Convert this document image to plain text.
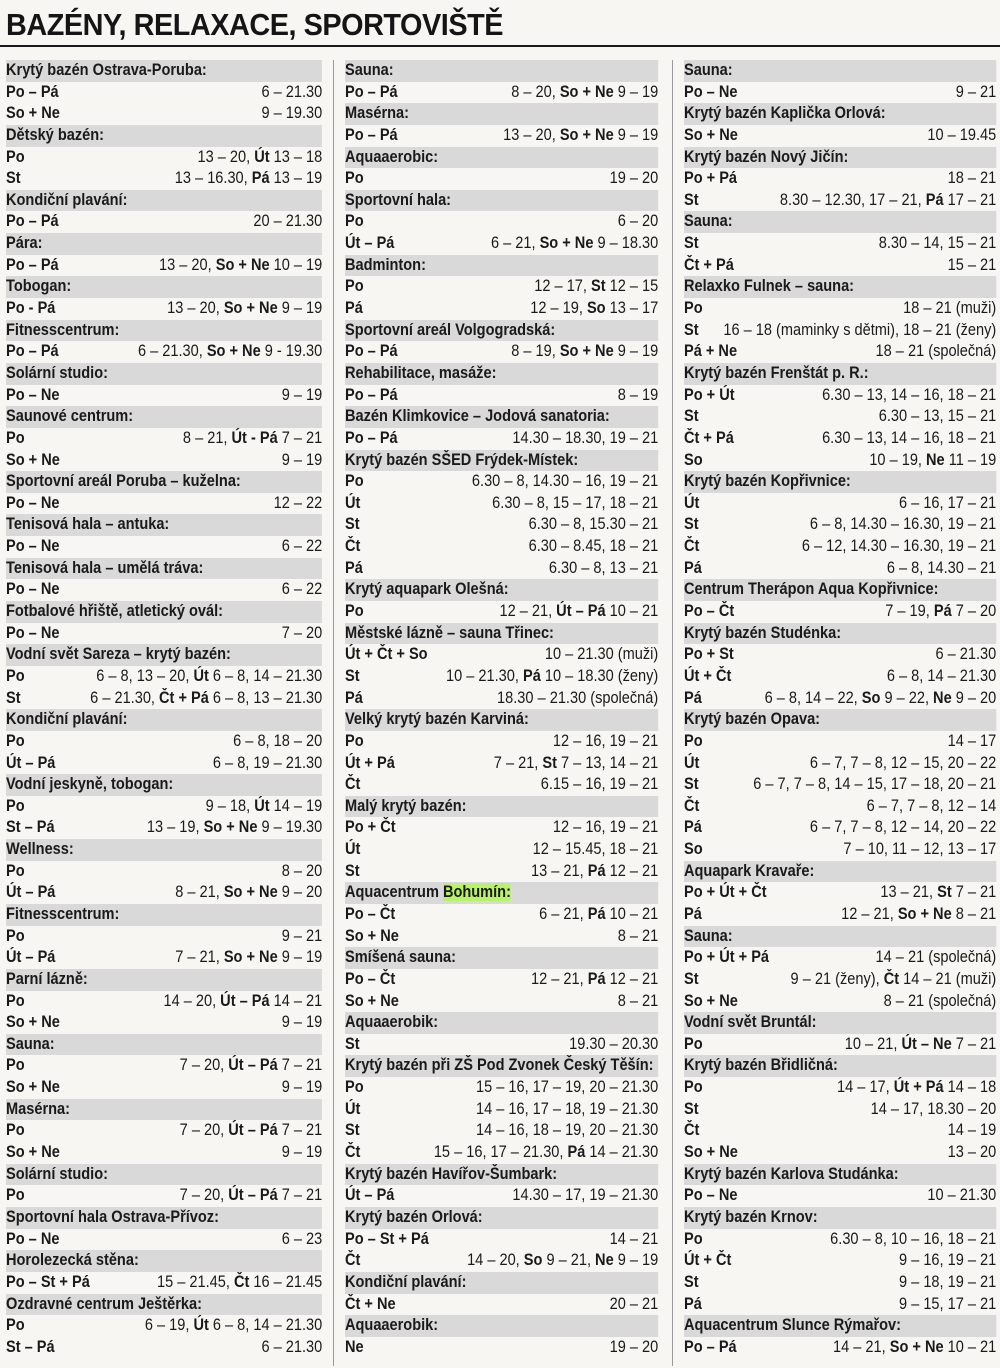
BAZÉNY, RELAXACE, SPORTOVIŠTĚ
Krytý bazén Ostrava-Poruba:
Po – Pá	6 – 21.30
So + Ne	9 – 19.30
Dětský bazén:
Po	13 – 20, Út 13 – 18
St	13 – 16.30, Pá 13 – 19
Kondiční plavání:
Po – Pá	20 – 21.30
Pára:
Po – Pá	13 – 20, So + Ne 10 – 19
Tobogan:
Po - Pá	13 – 20, So + Ne 9 – 19
Fitnesscentrum:
Po – Pá	6 – 21.30, So + Ne 9 - 19.30
Solární studio:
Po – Ne	9 – 19
Saunové centrum:
Po	8 – 21, Út - Pá 7 – 21
So + Ne	9 – 19
Sportovní areál Poruba – kuželna:
Po – Ne	12 – 22
Tenisová hala – antuka:
Po – Ne	6 – 22
Tenisová hala – umělá tráva:
Po – Ne	6 – 22
Fotbalové hřiště, atletický ovál:
Po – Ne	7 – 20
Vodní svět Sareza – krytý bazén:
Po	6 – 8, 13 – 20, Út 6 – 8, 14 – 21.30
St	6 – 21.30, Čt + Pá 6 – 8, 13 – 21.30
Kondiční plavání:
Po	6 – 8, 18 – 20
Út – Pá	6 – 8, 19 – 21.30
Vodní jeskyně, tobogan:
Po	9 – 18, Út 14 – 19
St – Pá	13 – 19, So + Ne 9 – 19.30
Wellness:
Po	8 – 20
Út – Pá	8 – 21, So + Ne 9 – 20
Fitnesscentrum:
Po	9 – 21
Út – Pá	7 – 21, So + Ne 9 – 19
Parní lázně:
Po	14 – 20, Út – Pá 14 – 21
So + Ne	9 – 19
Sauna:
Po	7 – 20, Út – Pá 7 – 21
So + Ne	9 – 19
Masérna:
Po	7 – 20, Út – Pá 7 – 21
So + Ne	9 – 19
Solární studio:
Po	7 – 20, Út – Pá 7 – 21
Sportovní hala Ostrava-Přívoz:
Po – Ne	6 – 23
Horolezecká stěna:
Po – St + Pá	15 – 21.45, Čt 16 – 21.45
Ozdravné centrum Ještěrka:
Po	6 – 19, Út 6 – 8, 14 – 21.30
St – Pá	6 – 21.30
Sauna:
Po – Pá	8 – 20, So + Ne 9 – 19
Masérna:
Po – Pá	13 – 20, So + Ne 9 – 19
Aquaaerobic:
Po	19 – 20
Sportovní hala:
Po	6 – 20
Út – Pá	6 – 21, So + Ne 9 – 18.30
Badminton:
Po	12 – 17, St 12 – 15
Pá	12 – 19, So 13 – 17
Sportovní areál Volgogradská:
Po – Pá	8 – 19, So + Ne 9 – 19
Rehabilitace, masáže:
Po – Pá	8 – 19
Bazén Klimkovice – Jodová sanatoria:
Po – Pá	14.30 – 18.30, 19 – 21
Krytý bazén SŠED Frýdek-Místek:
Po	6.30 – 8, 14.30 – 16, 19 – 21
Út	6.30 – 8, 15 – 17, 18 – 21
St	6.30 – 8, 15.30 – 21
Čt	6.30 – 8.45, 18 – 21
Pá	6.30 – 8, 13 – 21
Krytý aquapark Olešná:
Po	12 – 21, Út – Pá 10 – 21
Městské lázně – sauna Třinec:
Út + Čt + So	10 – 21.30 (muži)
St	10 – 21.30, Pá 10 – 18.30 (ženy)
Pá	18.30 – 21.30 (společná)
Velký krytý bazén Karviná:
Po	12 – 16, 19 – 21
Út + Pá	7 – 21, St 7 – 13, 14 – 21
Čt	6.15 – 16, 19 – 21
Malý krytý bazén:
Po + Čt	12 – 16, 19 – 21
Út	12 – 15.45, 18 – 21
St	13 – 21, Pá 12 – 21
Aquacentrum Bohumín:
Po – Čt	6 – 21, Pá 10 – 21
So + Ne	8 – 21
Smíšená sauna:
Po – Čt	12 – 21, Pá 12 – 21
So + Ne	8 – 21
Aquaaerobik:
St	19.30 – 20.30
Krytý bazén při ZŠ Pod Zvonek Český Těšín:
Po	15 – 16, 17 – 19, 20 – 21.30
Út	14 – 16, 17 – 18, 19 – 21.30
St	14 – 16, 18 – 19, 20 – 21.30
Čt	15 – 16, 17 – 21.30, Pá 14 – 21.30
Krytý bazén Havířov-Šumbark:
Út – Pá	14.30 – 17, 19 – 21.30
Krytý bazén Orlová:
Po – St + Pá	14 – 21
Čt	14 – 20, So 9 – 21, Ne 9 – 19
Kondiční plavání:
Čt + Ne	20 – 21
Aquaaerobik:
Ne	19 – 20
Sauna:
Po – Ne	9 – 21
Krytý bazén Kaplička Orlová:
So + Ne	10 – 19.45
Krytý bazén Nový Jičín:
Po + Pá	18 – 21
St	8.30 – 12.30, 17 – 21, Pá 17 – 21
Sauna:
St	8.30 – 14, 15 – 21
Čt + Pá	15 – 21
Relaxko Fulnek – sauna:
Po	18 – 21 (muži)
St 16 – 18 (maminky s dětmi), 18 – 21 (ženy)
Pá + Ne	18 – 21 (společná)
Krytý bazén Frenštát p. R.:
Po + Út	6.30 – 13, 14 – 16, 18 – 21
St	6.30 – 13, 15 – 21
Čt + Pá	6.30 – 13, 14 – 16, 18 – 21
So	10 – 19, Ne 11 – 19
Krytý bazén Kopřivnice:
Út	6 – 16, 17 – 21
St	6 – 8, 14.30 – 16.30, 19 – 21
Čt	6 – 12, 14.30 – 16.30, 19 – 21
Pá	6 – 8, 14.30 – 21
Centrum Therápon Aqua Kopřivnice:
Po – Čt	7 – 19, Pá 7 – 20
Krytý bazén Studénka:
Po + St	6 – 21.30
Út + Čt	6 – 8, 14 – 21.30
Pá	6 – 8, 14 – 22, So 9 – 22, Ne 9 – 20
Krytý bazén Opava:
Po	14 – 17
Út	6 – 7, 7 – 8, 12 – 15, 20 – 22
St	6 – 7, 7 – 8, 14 – 15, 17 – 18, 20 – 21
Čt	6 – 7, 7 – 8, 12 – 14
Pá	6 – 7, 7 – 8, 12 – 14, 20 – 22
So	7 – 10, 11 – 12, 13 – 17
Aquapark Kravaře:
Po + Út + Čt	13 – 21, St 7 – 21
Pá	12 – 21, So + Ne 8 – 21
Sauna:
Po + Út + Pá	14 – 21 (společná)
St	9 – 21 (ženy), Čt 14 – 21 (muži)
So + Ne	8 – 21 (společná)
Vodní svět Bruntál:
Po	10 – 21, Út – Ne 7 – 21
Krytý bazén Břidličná:
Po	14 – 17, Út + Pá 14 – 18
St	14 – 17, 18.30 – 20
Čt	14 – 19
So + Ne	13 – 20
Krytý bazén Karlova Studánka:
Po – Ne	10 – 21.30
Krytý bazén Krnov:
Po	6.30 – 8, 10 – 16, 18 – 21
Út + Čt	9 – 16, 19 – 21
St	9 – 18, 19 – 21
Pá	9 – 15, 17 – 21
Aquacentrum Slunce Rýmařov:
Po – Pá	14 – 21, So + Ne 10 – 21
